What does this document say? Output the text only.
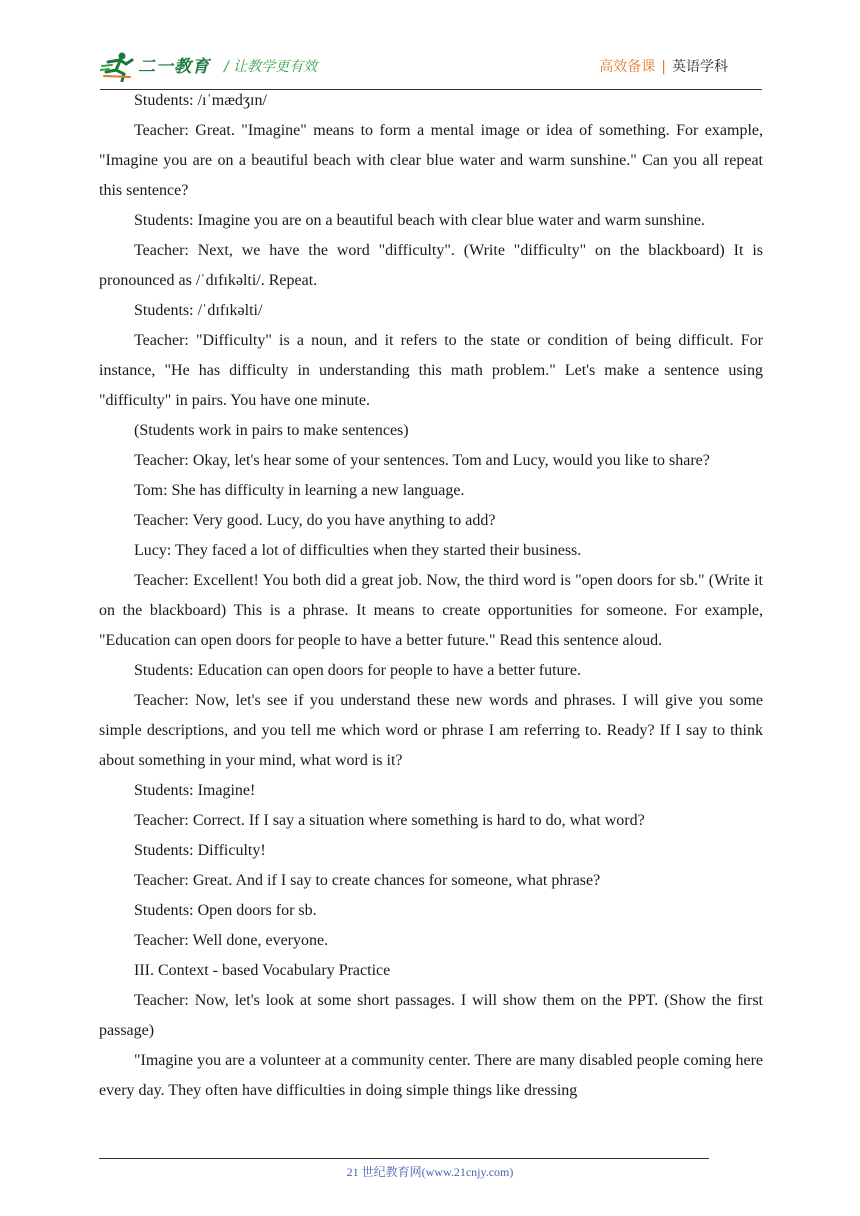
二一教育 / 让教学更有效	高效备课 | 英语学科

Students: /ɪˈmædʒɪn/

Teacher: Great. "Imagine" means to form a mental image or idea of something. For example, "Imagine you are on a beautiful beach with clear blue water and warm sunshine." Can you all repeat this sentence?

Students: Imagine you are on a beautiful beach with clear blue water and warm sunshine.

Teacher: Next, we have the word "difficulty". (Write "difficulty" on the blackboard) It is pronounced as /ˈdɪfɪkəlti/. Repeat.

Students: /ˈdɪfɪkəlti/

Teacher: "Difficulty" is a noun, and it refers to the state or condition of being difficult. For instance, "He has difficulty in understanding this math problem." Let's make a sentence using "difficulty" in pairs. You have one minute.

(Students work in pairs to make sentences)

Teacher: Okay, let's hear some of your sentences. Tom and Lucy, would you like to share?

Tom: She has difficulty in learning a new language.

Teacher: Very good. Lucy, do you have anything to add?

Lucy: They faced a lot of difficulties when they started their business.

Teacher: Excellent! You both did a great job. Now, the third word is "open doors for sb." (Write it on the blackboard) This is a phrase. It means to create opportunities for someone. For example, "Education can open doors for people to have a better future." Read this sentence aloud.

Students: Education can open doors for people to have a better future.

Teacher: Now, let's see if you understand these new words and phrases. I will give you some simple descriptions, and you tell me which word or phrase I am referring to. Ready? If I say to think about something in your mind, what word is it?

Students: Imagine!

Teacher: Correct. If I say a situation where something is hard to do, what word?

Students: Difficulty!

Teacher: Great. And if I say to create chances for someone, what phrase?

Students: Open doors for sb.

Teacher: Well done, everyone.

III. Context - based Vocabulary Practice

Teacher: Now, let's look at some short passages. I will show them on the PPT. (Show the first passage)

"Imagine you are a volunteer at a community center. There are many disabled people coming here every day. They often have difficulties in doing simple things like dressing

21 世纪教育网(www.21cnjy.com)
